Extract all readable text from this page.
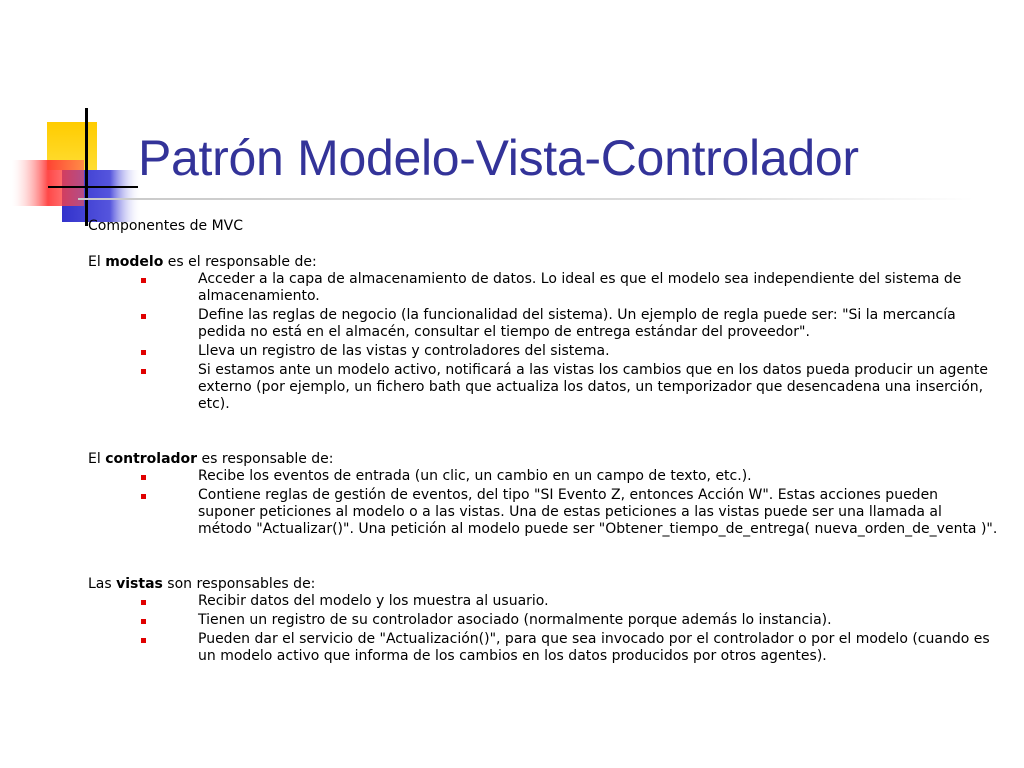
Patrón Modelo-Vista-Controlador

Componentes de MVC

El modelo es el responsable de:

Acceder a la capa de almacenamiento de datos. Lo ideal es que el modelo sea independiente del sistema de almacenamiento.
Define las reglas de negocio (la funcionalidad del sistema). Un ejemplo de regla puede ser: "Si la mercancía pedida no está en el almacén, consultar el tiempo de entrega estándar del proveedor".
Lleva un registro de las vistas y controladores del sistema.
Si estamos ante un modelo activo, notificará a las vistas los cambios que en los datos pueda producir un agente externo (por ejemplo, un fichero bath que actualiza los datos, un temporizador que desencadena una inserción, etc).

El controlador es responsable de:

Recibe los eventos de entrada (un clic, un cambio en un campo de texto, etc.).
Contiene reglas de gestión de eventos, del tipo "SI Evento Z, entonces Acción W". Estas acciones pueden suponer peticiones al modelo o a las vistas. Una de estas peticiones a las vistas puede ser una llamada al método "Actualizar()". Una petición al modelo puede ser "Obtener_tiempo_de_entrega( nueva_orden_de_venta )".

Las vistas son responsables de:

Recibir datos del modelo y los muestra al usuario.
Tienen un registro de su controlador asociado (normalmente porque además lo instancia).
Pueden dar el servicio de "Actualización()", para que sea invocado por el controlador o por el modelo (cuando es un modelo activo que informa de los cambios en los datos producidos por otros agentes).
